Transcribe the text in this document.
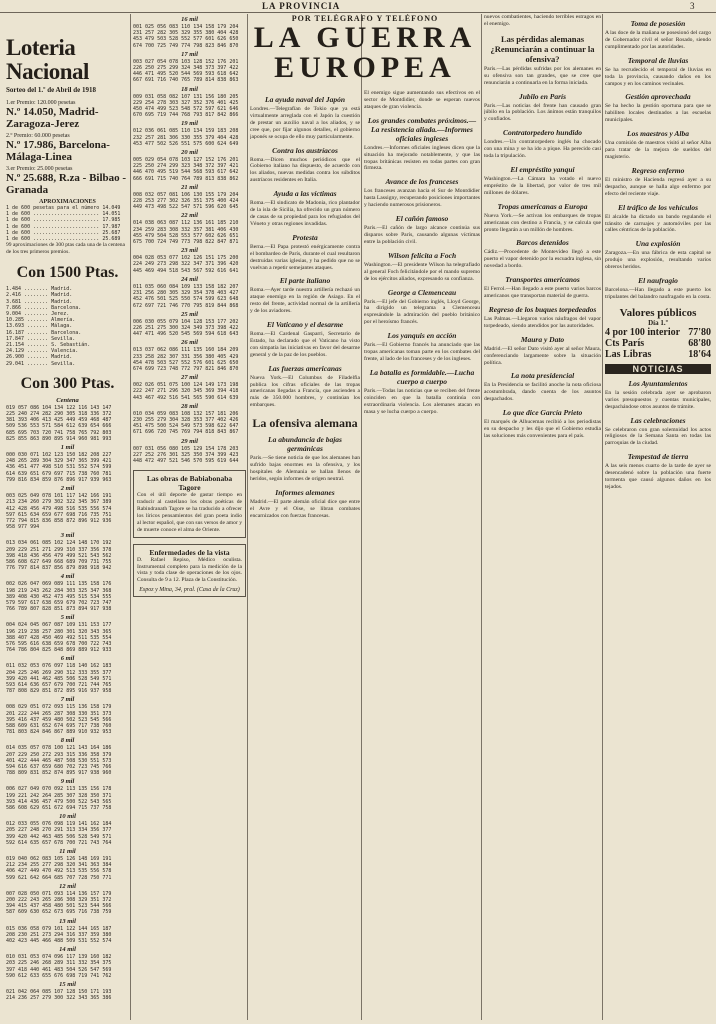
LA PROVINCIA	3
Loteria Nacional
Sorteo del 1.º de Abril de 1918
1.er Premio: 120.000 pesetas
N.º 14.050, Madrid-Zaragoza-Jerez
2.º Premio: 60.000 pesetas
N.º 17.986, Barcelona-Málaga-Linea
3.er Premio: 25.000 pesetas
N.º 25.688, R.za - Bilbao - Granada
APROXIMACIONES
1 de 600 pesetas para el número 14.049
1 de 600 ...................... 14.051
1 de 600 ...................... 17.985
1 de 600 ...................... 17.987
1 de 600 ...................... 25.687
1 de 600 ...................... 25.689
99 aproximaciones de 300 ptas cada una de la centena de los tres primeros premios.
Con 1500 Ptas.
1.484 ........ Madrid.
2.416 ........ Madrid.
3.681 ........ Madrid.
7.866 ........ Barcelona.
9.004 ........ Jerez.
10.285 ....... Almería.
13.693 ....... Málaga.
16.187 ....... Barcelona.
17.847 ....... Sevilla.
21.154 ....... S. Sebastián.
24.129 ....... Valencia.
26.900 ....... Madrid.
29.041 ....... Sevilla.
Con 300 Ptas.
Centena
019 057 086 104 134 122 116 143 147
225 240 274 282 290 305 318 336 372
381 393 406 413 425 449 459 468 487
509 536 553 571 584 612 639 654 666
685 695 703 720 741 758 765 792 803
825 855 863 890 895 914 960 981 993
1 mil
000 030 071 102 123 150 182 208 227
248 265 289 304 329 347 365 399 421
436 451 477 498 510 531 552 574 599
614 639 651 679 697 715 738 760 781
799 816 834 859 876 896 917 939 963
2 mil
003 025 049 078 101 117 142 166 191
213 234 260 279 302 322 345 367 389
412 428 456 479 498 516 535 556 574
597 615 634 659 677 698 716 735 751
772 794 815 836 858 872 896 912 936
958 977 994
3 mil
013 034 061 085 102 124 148 170 192
209 229 251 271 299 310 337 356 378
398 418 436 456 479 499 521 543 562
586 608 627 649 668 689 709 731 755
776 797 814 837 856 879 898 918 942
4 mil
002 026 047 069 089 111 135 158 176
198 219 243 262 284 303 325 347 368
389 408 430 452 473 495 515 534 555
579 597 617 638 659 679 702 723 747
766 789 807 828 851 873 894 917 938
5 mil
004 024 045 067 087 109 131 153 177
196 219 238 257 280 301 320 343 365
388 407 428 450 469 492 511 535 554
576 595 616 638 659 678 700 722 743
764 786 804 825 848 869 889 912 933
6 mil
011 032 053 076 097 118 140 162 183
204 225 246 269 290 312 333 355 377
399 420 441 462 485 506 528 549 571
593 614 636 657 679 700 721 744 765
787 808 829 851 872 895 916 937 958
7 mil
008 029 051 072 093 115 136 158 179
201 222 244 265 287 308 330 351 373
395 416 437 459 480 502 523 545 566
588 609 631 652 674 695 717 738 760
781 803 824 846 867 889 910 932 953
8 mil
014 035 057 078 100 121 143 164 186
207 229 250 272 293 315 336 358 379
401 422 444 465 487 508 530 551 573
594 616 637 659 680 702 723 745 766
788 809 831 852 874 895 917 938 960
9 mil
006 027 049 070 092 113 135 156 178
199 221 242 264 285 307 328 350 371
393 414 436 457 479 500 522 543 565
586 608 629 651 672 694 715 737 758
10 mil
012 033 055 076 098 119 141 162 184
205 227 248 270 291 313 334 356 377
399 420 442 463 485 506 528 549 571
592 614 635 657 678 700 721 743 764
11 mil
019 040 062 083 105 126 148 169 191
212 234 255 277 298 320 341 363 384
406 427 449 470 492 513 535 556 578
599 621 642 664 685 707 728 750 771
12 mil
007 028 050 071 093 114 136 157 179
200 222 243 265 286 308 329 351 372
394 415 437 458 480 501 523 544 566
587 609 630 652 673 695 716 738 759
13 mil
015 036 058 079 101 122 144 165 187
208 230 251 273 294 316 337 359 380
402 423 445 466 488 509 531 552 574
14 mil
010 031 053 074 096 117 139 160 182
203 225 246 268 289 311 332 354 375
397 418 440 461 483 504 526 547 569
590 612 633 655 676 698 719 741 762
15 mil
021 042 064 085 107 128 150 171 193
214 236 257 279 300 322 343 365 386
16 mil
001 025 056 083 110 134 158 179 204
231 257 282 305 329 355 380 404 428
453 479 503 528 552 577 601 626 650
674 700 725 749 774 798 823 846 870
17 mil
003 027 054 078 103 128 152 176 201
226 250 275 299 324 348 373 397 422
446 471 495 520 544 569 593 618 642
667 691 716 740 765 789 814 838 863
18 mil
009 031 058 082 107 131 156 180 205
229 254 278 303 327 352 376 401 425
450 474 499 523 548 572 597 621 646
670 695 719 744 768 793 817 842 866
19 mil
012 036 061 085 110 134 159 183 208
232 257 281 306 330 355 379 404 428
453 477 502 526 551 575 600 624 649
20 mil
005 029 054 078 103 127 152 176 201
225 250 274 299 323 348 372 397 421
446 470 495 519 544 568 593 617 642
666 691 715 740 764 789 813 838 862
21 mil
008 032 057 081 106 130 155 179 204
228 253 277 302 326 351 375 400 424
449 473 498 522 547 571 596 620 645
22 mil
014 038 063 087 112 136 161 185 210
234 259 283 308 332 357 381 406 430
455 479 504 528 553 577 602 626 651
675 700 724 749 773 798 822 847 871
23 mil
004 028 053 077 102 126 151 175 200
224 249 273 298 322 347 371 396 420
445 469 494 518 543 567 592 616 641
24 mil
011 035 060 084 109 133 158 182 207
231 256 280 305 329 354 378 403 427
452 476 501 525 550 574 599 623 648
672 697 721 746 770 795 819 844 868
25 mil
006 030 055 079 104 128 153 177 202
226 251 275 300 324 349 373 398 422
447 471 496 520 545 569 594 618 643
26 mil
013 037 062 086 111 135 160 184 209
233 258 282 307 331 356 380 405 429
454 478 503 527 552 576 601 625 650
674 699 723 748 772 797 821 846 870
27 mil
002 026 051 075 100 124 149 173 198
222 247 271 296 320 345 369 394 418
443 467 492 516 541 565 590 614 639
28 mil
010 034 059 083 108 132 157 181 206
230 255 279 304 328 353 377 402 426
451 475 500 524 549 573 598 622 647
671 696 720 745 769 794 818 843 867
29 mil
007 031 056 080 105 129 154 178 203
227 252 276 301 325 350 374 399 423
448 472 497 521 546 570 595 619 644
Las obras de Babiabonaba Tagore
Con el útil deporte de gastar tiempo en traducir al castellano los obras poéticas de Rabindranath Tagore se ha traducido a ofrecer los líricos pensamientos del gran poeta indio al lector español, que con sus versos de amor y de muerte conoce el alma de Oriente.
Enfermedades de la vista
D. Rafael Repiso, Médico oculista. Instrumental completo para la medición de la vista y toda clase de operaciones de los ojos. Consulta de 9 a 12. Plaza de la Constitución.
Espoz y Mina, 34, pral. (Casa de la Cruz)
POR TELÉGRAFO Y TELÉFONO
LA GUERRA
EUROPEA
La ayuda naval del Japón
Londres.—Telegrafían de Tokio que ya está virtualmente arreglada con el Japón la cuestión de prestar un auxilio naval a los aliados, y se cree que, por fijar algunos detalles, el gobierno japonés se ocupa de ello muy particularmente.
Contra los austríacos
Roma.—Dicen muchos periódicos que el Gobierno italiano ha dispuesto, de acuerdo con los aliados, nuevas medidas contra los súbditos austríacos residentes en Italia.
Ayuda a las víctimas
Roma.—El sindicato de Madonia, rico plantador de la isla de Sicilia, ha ofrecido un gran número de casas de su propiedad para los refugiados del Véneto y otras regiones invadidas.
Protesta
Berna.—El Papa protestó enérgicamente contra el bombardeo de París, durante el cual resultaron destruidas varias iglesias, y ha pedido que no se vuelvan a repetir semejantes ataques.
El parte italiano
Roma.—Ayer tarde nuestra artillería rechazó un ataque enemigo en la región de Asiago. En el resto del frente, actividad normal de la artillería y de los aviadores.
El Vaticano y el desarme
Roma.—El Cardenal Gasparri, Secretario de Estado, ha declarado que el Vaticano ha visto con simpatía las iniciativas en favor del desarme general y de la paz de los pueblos.
Las fuerzas americanas
Nueva York.—El Columbus de Filadelfia publica los cifras oficiales de las tropas americanas llegadas a Francia, que ascienden a más de 350.000 hombres, y continúan los embarques.
La ofensiva alemana
La abundancia de bajas germánicas
París.—Se tiene noticia de que los alemanes han sufrido bajas enormes en la ofensiva, y los hospitales de Alemania se hallan llenos de heridos, según informes de origen neutral.
Informes alemanes
Madrid.—El parte alemán oficial dice que entre el Avre y el Oise, se libran combates encarnizados con fuerzas francesas.
El enemigo sigue aumentando sus efectivos en el sector de Montdidier, donde se esperan nuevos ataques de gran violencia.
Los grandes combates próximos.—La resistencia aliada.—Informes oficiales ingleses
Londres.—Informes oficiales ingleses dicen que la situación ha mejorado notablemente, y que las tropas británicas resisten en todas partes con gran firmeza.
Avance de los franceses
Los franceses avanzan hacia el Sur de Montdidier hasta Lassigny, recuperando posiciones importantes y haciendo numerosos prisioneros.
El cañón famoso
París.—El cañón de largo alcance continúa sus disparos sobre París, causando algunas víctimas entre la población civil.
Wilson felicita a Foch
Washington.—El presidente Wilson ha telegrafiado al general Foch felicitándole por el mando supremo de los ejércitos aliados, expresando su confianza.
George a Clemenceau
París.—El jefe del Gobierno inglés, Lloyd George, ha dirigido un telegrama a Clemenceau expresándole la admiración del pueblo británico por el heroísmo francés.
Los yanquis en acción
París.—El Gobierno francés ha anunciado que las tropas americanas toman parte en los combates del frente, al lado de los franceses y de los ingleses.
La batalla es formidable.—Lucha cuerpo a cuerpo
París.—Todas las noticias que se reciben del frente coinciden en que la batalla continúa con extraordinaria violencia. Los alemanes atacan en masa y se lucha cuerpo a cuerpo.
nuevos combatientes, haciendo terribles estragos en el enemigo.
Las pérdidas alemanas ¿Renunciarán a continuar la ofensiva?
París.—Las pérdidas sufridas por los alemanes en su ofensiva son tan grandes, que se cree que renunciarán a continuarla en la forma iniciada.
Jubilo en París
París.—Las noticias del frente han causado gran júbilo en la población. Los ánimos están tranquilos y confiados.
Contratorpedero hundido
Londres.—Un contratorpedero inglés ha chocado con una mina y se ha ido a pique. Ha perecido casi toda la tripulación.
El empréstito yanqui
Washington.—La Cámara ha votado el nuevo empréstito de la libertad, por valor de tres mil millones de dólares.
Tropas americanas a Europa
Nueva York.—Se activan los embarques de tropas americanas con destino a Francia, y se calcula que pronto llegarán a un millón de hombres.
Barcos detenidos
Cádiz.—Procedente de Montevideo llegó a este puerto el vapor detenido por la escuadra inglesa, sin novedad a bordo.
Transportes americanos
El Ferrol.—Han llegado a este puerto varios barcos americanos que transportan material de guerra.
Regreso de los buques torpedeados
Las Palmas.—Llegaron varios náufragos del vapor torpedeado, siendo atendidos por las autoridades.
Maura y Dato
Madrid.—El señor Dato visitó ayer al señor Maura, conferenciando largamente sobre la situación política.
La nota presidencial
En la Presidencia se facilitó anoche la nota oficiosa acostumbrada, dando cuenta de los asuntos despachados.
Lo que dice García Prieto
El marqués de Alhucemas recibió a los periodistas en su despacho y les dijo que el Gobierno estudia las soluciones más convenientes para el país.
Toma de posesión
A las doce de la mañana se posesionó del cargo de Gobernador civil el señor Rosado, siendo cumplimentado por las autoridades.
Temporal de lluvias
Se ha recrudecido el temporal de lluvias en toda la provincia, causando daños en los campos y en los caminos vecinales.
Gestión aprovechada
Se ha hecho la gestión oportuna para que se habiliten locales destinados a las escuelas municipales.
Los maestros y Alba
Una comisión de maestros visitó al señor Alba para tratar de la mejora de sueldos del magisterio.
Regreso enfermo
El ministro de Hacienda regresó ayer a su despacho, aunque se halla algo enfermo por efecto del reciente viaje.
El tráfico de los vehículos
El alcalde ha dictado un bando regulando el tránsito de carruajes y automóviles por las calles céntricas de la población.
Una explosión
Zaragoza.—En una fábrica de esta capital se produjo una explosión, resultando varios obreros heridos.
El naufragio
Barcelona.—Han llegado a este puerto los tripulantes del balandro naufragado en la costa.
Valores públicos
Día 1.º
4 por 100 interior 77'80
Cts París	68'80
Las Libras	18'64
NOTICIAS
Los Ayuntamientos
En la sesión celebrada ayer se aprobaron varios presupuestos y cuentas municipales, despachándose otros asuntos de trámite.
Las celebraciones
Se celebraron con gran solemnidad los actos religiosos de la Semana Santa en todas las parroquias de la ciudad.
Tempestad de tierra
A las seis menos cuarto de la tarde de ayer se desencadenó sobre la población una fuerte tormenta que causó algunos daños en los tejados.
